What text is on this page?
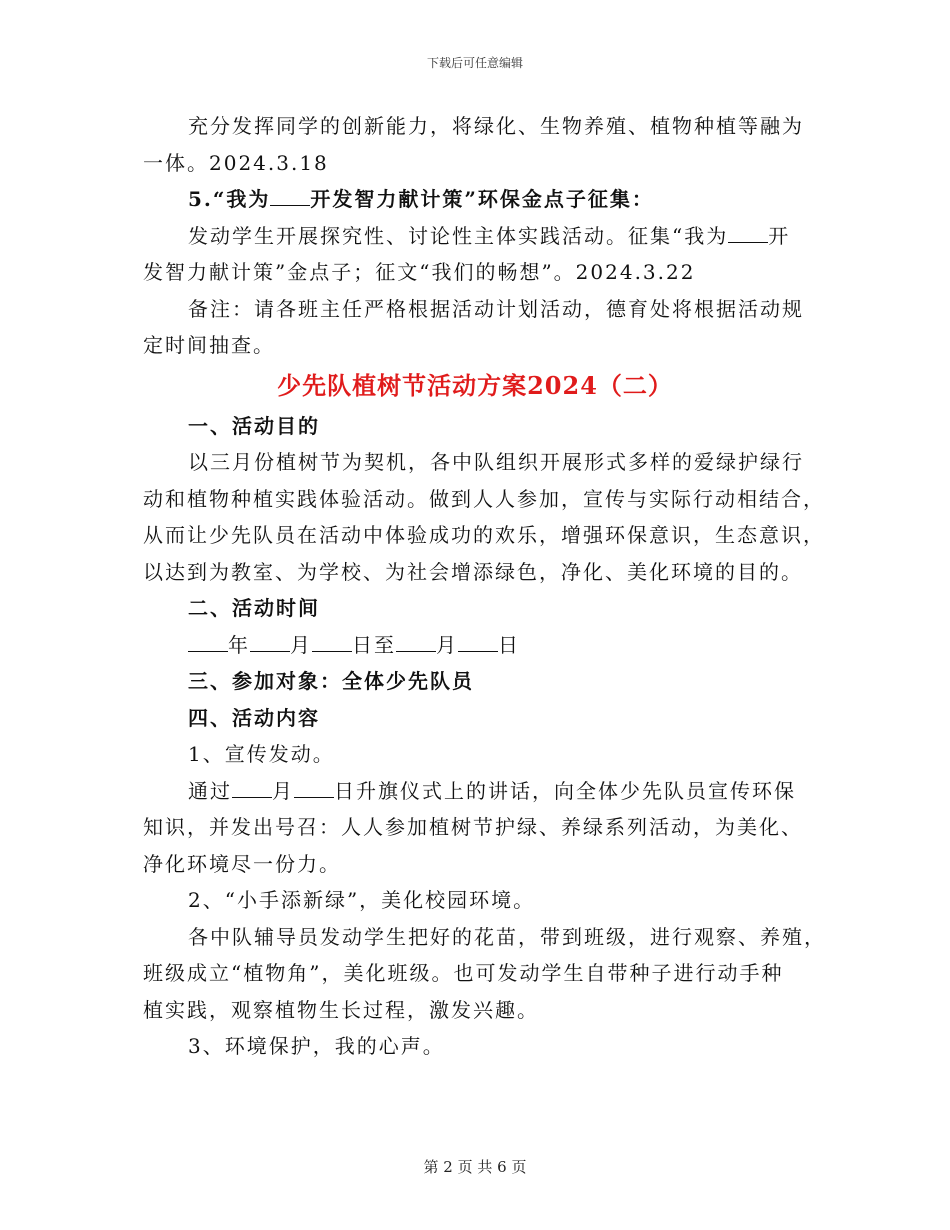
下载后可任意编辑

充分发挥同学的创新能力，将绿化、生物养殖、植物种植等融为

一体。2024.3.18

5.“我为 开发智力献计策”环保金点子征集：

发动学生开展探究性、讨论性主体实践活动。征集“我为 开

发智力献计策”金点子；征文“我们的畅想”。2024.3.22

备注：请各班主任严格根据活动计划活动，德育处将根据活动规

定时间抽查。

少先队植树节活动方案2024（二）

一、活动目的

以三月份植树节为契机，各中队组织开展形式多样的爱绿护绿行

动和植物种植实践体验活动。做到人人参加，宣传与实际行动相结合，

从而让少先队员在活动中体验成功的欢乐，增强环保意识，生态意识，

以达到为教室、为学校、为社会增添绿色，净化、美化环境的目的。

二、活动时间

年 月 日至 月 日

三、参加对象：全体少先队员

四、活动内容

1、宣传发动。

通过 月 日升旗仪式上的讲话，向全体少先队员宣传环保

知识，并发出号召：人人参加植树节护绿、养绿系列活动，为美化、

净化环境尽一份力。

2、“小手添新绿”，美化校园环境。

各中队辅导员发动学生把好的花苗，带到班级，进行观察、养殖，

班级成立“植物角”，美化班级。也可发动学生自带种子进行动手种

植实践，观察植物生长过程，激发兴趣。

3、环境保护，我的心声。

第 2 页 共 6 页
